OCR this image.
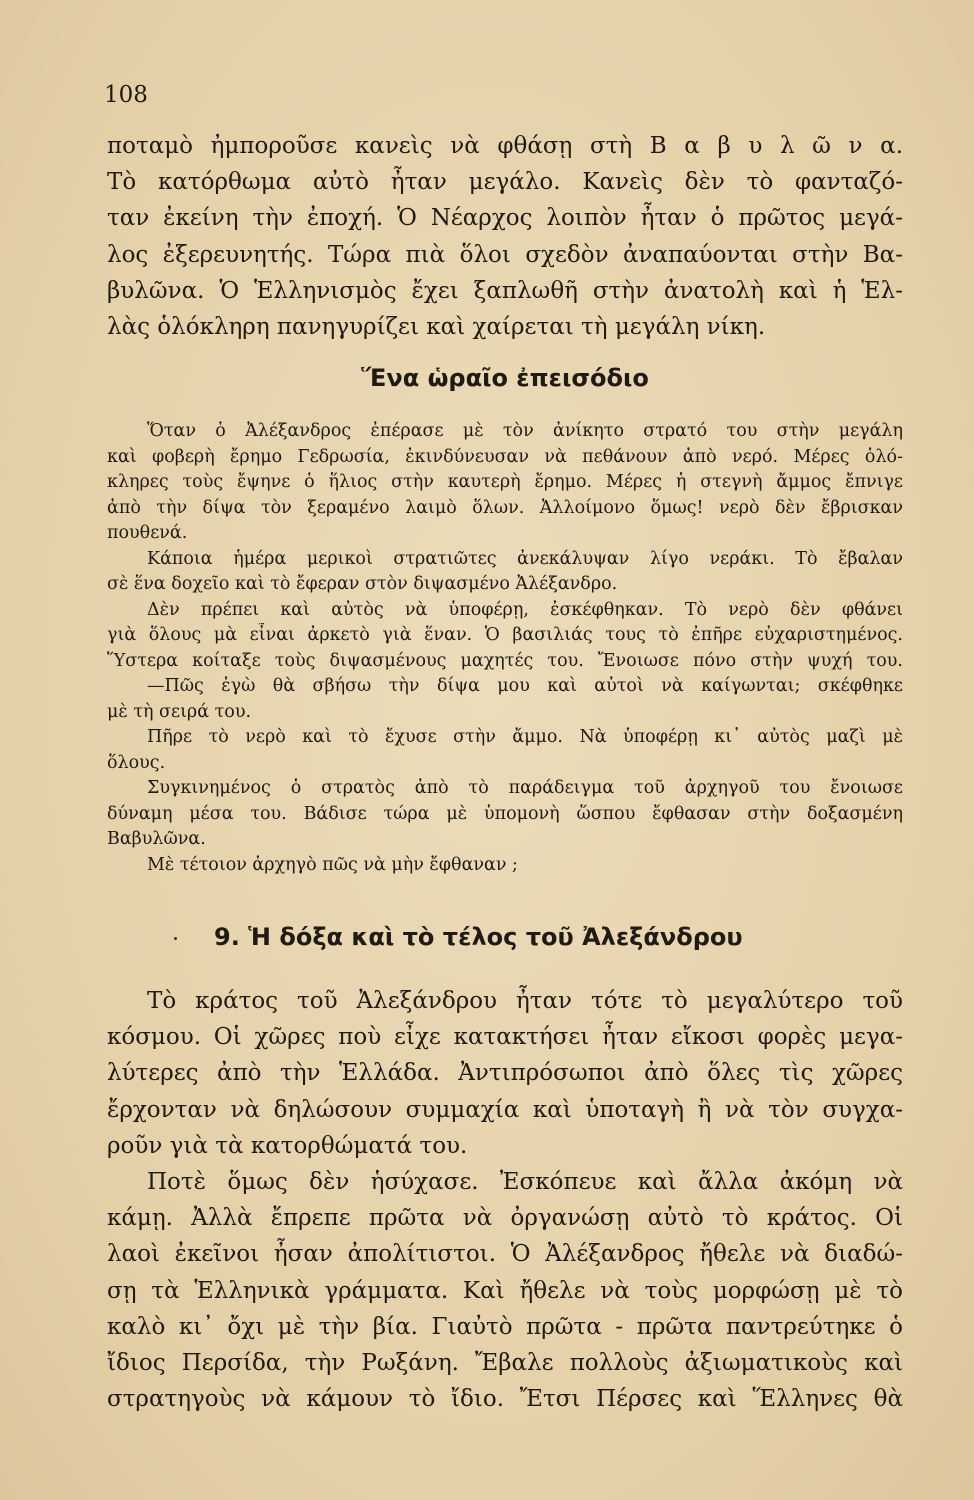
108
ποταμὸ ἠμποροῦσε κανεὶς νὰ φθάσῃ στὴ Β α β υ λ ῶ ν α.
Τὸ κατόρθωμα αὐτὸ ἦταν μεγάλο. Κανεὶς δὲν τὸ φανταζό-
ταν ἐκείνη τὴν ἐποχή. Ὁ Νέαρχος λοιπὸν ἦταν ὁ πρῶτος μεγά-
λος ἐξερευνητής. Τώρα πιὰ ὅλοι σχεδὸν ἀναπαύονται στὴν Βα-
βυλῶνα. Ὁ Ἑλληνισμὸς ἔχει ξαπλωθῆ στὴν ἀνατολὴ καὶ ἡ Ἑλ-
λὰς ὁλόκληρη πανηγυρίζει καὶ χαίρεται τὴ μεγάλη νίκη.
Ἕνα ὡραῖο ἐπεισόδιο
Ὅταν ὁ Ἀλέξανδρος ἐπέρασε μὲ τὸν ἀνίκητο στρατό του στὴν μεγάλη
καὶ φοβερὴ ἔρημο Γεδρωσία, ἐκινδύνευσαν νὰ πεθάνουν ἀπὸ νερό. Μέρες ὁλό-
κληρες τοὺς ἔψηνε ὁ ἥλιος στὴν καυτερὴ ἔρημο. Μέρες ἡ στεγνὴ ἄμμος ἔπνιγε
ἀπὸ τὴν δίψα τὸν ξεραμένο λαιμὸ ὅλων. Ἀλλοίμονο ὅμως! νερὸ δὲν ἔβρισκαν
πουθενά.
Κάποια ἡμέρα μερικοὶ στρατιῶτες ἀνεκάλυψαν λίγο νεράκι. Τὸ ἔβαλαν
σὲ ἕνα δοχεῖο καὶ τὸ ἔφεραν στὸν διψασμένο Ἀλέξανδρο.
Δὲν πρέπει καὶ αὐτὸς νὰ ὑποφέρῃ, ἐσκέφθηκαν. Τὸ νερὸ δὲν φθάνει
γιὰ ὅλους μὰ εἶναι ἀρκετὸ γιὰ ἕναν. Ὁ βασιλιάς τους τὸ ἐπῆρε εὐχαριστημένος.
Ὕστερα κοίταξε τοὺς διψασμένους μαχητές του. Ἔνοιωσε πόνο στὴν ψυχή του.
—Πῶς ἐγὼ θὰ σβήσω τὴν δίψα μου καὶ αὐτοὶ νὰ καίγωνται; σκέφθηκε
μὲ τὴ σειρά του.
Πῆρε τὸ νερὸ καὶ τὸ ἔχυσε στὴν ἄμμο. Νὰ ὑποφέρῃ κι᾿ αὐτὸς μαζὶ μὲ
ὅλους.
Συγκινημένος ὁ στρατὸς ἀπὸ τὸ παράδειγμα τοῦ ἀρχηγοῦ του ἔνοιωσε
δύναμη μέσα του. Βάδισε τώρα μὲ ὑπομονὴ ὥσπου ἔφθασαν στὴν δοξασμένη
Βαβυλῶνα.
Μὲ τέτοιον ἀρχηγὸ πῶς νὰ μὴν ἔφθαναν ;
9. Ἡ δόξα καὶ τὸ τέλος τοῦ Ἀλεξάνδρου
Τὸ κράτος τοῦ Ἀλεξάνδρου ἦταν τότε τὸ μεγαλύτερο τοῦ
κόσμου. Οἱ χῶρες ποὺ εἶχε κατακτήσει ἦταν εἴκοσι φορὲς μεγα-
λύτερες ἀπὸ τὴν Ἑλλάδα. Ἀντιπρόσωποι ἀπὸ ὅλες τὶς χῶρες
ἔρχονταν νὰ δηλώσουν συμμαχία καὶ ὑποταγὴ ἢ νὰ τὸν συγχα-
ροῦν γιὰ τὰ κατορθώματά του.
Ποτὲ ὅμως δὲν ἡσύχασε. Ἐσκόπευε καὶ ἄλλα ἀκόμη νὰ
κάμῃ. Ἀλλὰ ἔπρεπε πρῶτα νὰ ὀργανώσῃ αὐτὸ τὸ κράτος. Οἱ
λαοὶ ἐκεῖνοι ἦσαν ἀπολίτιστοι. Ὁ Ἀλέξανδρος ἤθελε νὰ διαδώ-
σῃ τὰ Ἑλληνικὰ γράμματα. Καὶ ἤθελε νὰ τοὺς μορφώσῃ μὲ τὸ
καλὸ κι᾿ ὄχι μὲ τὴν βία. Γιαὐτὸ πρῶτα - πρῶτα παντρεύτηκε ὁ
ἴδιος Περσίδα, τὴν Ρωξάνη. Ἔβαλε πολλοὺς ἀξιωματικοὺς καὶ
στρατηγοὺς νὰ κάμουν τὸ ἴδιο. Ἔτσι Πέρσες καὶ Ἕλληνες θὰ
